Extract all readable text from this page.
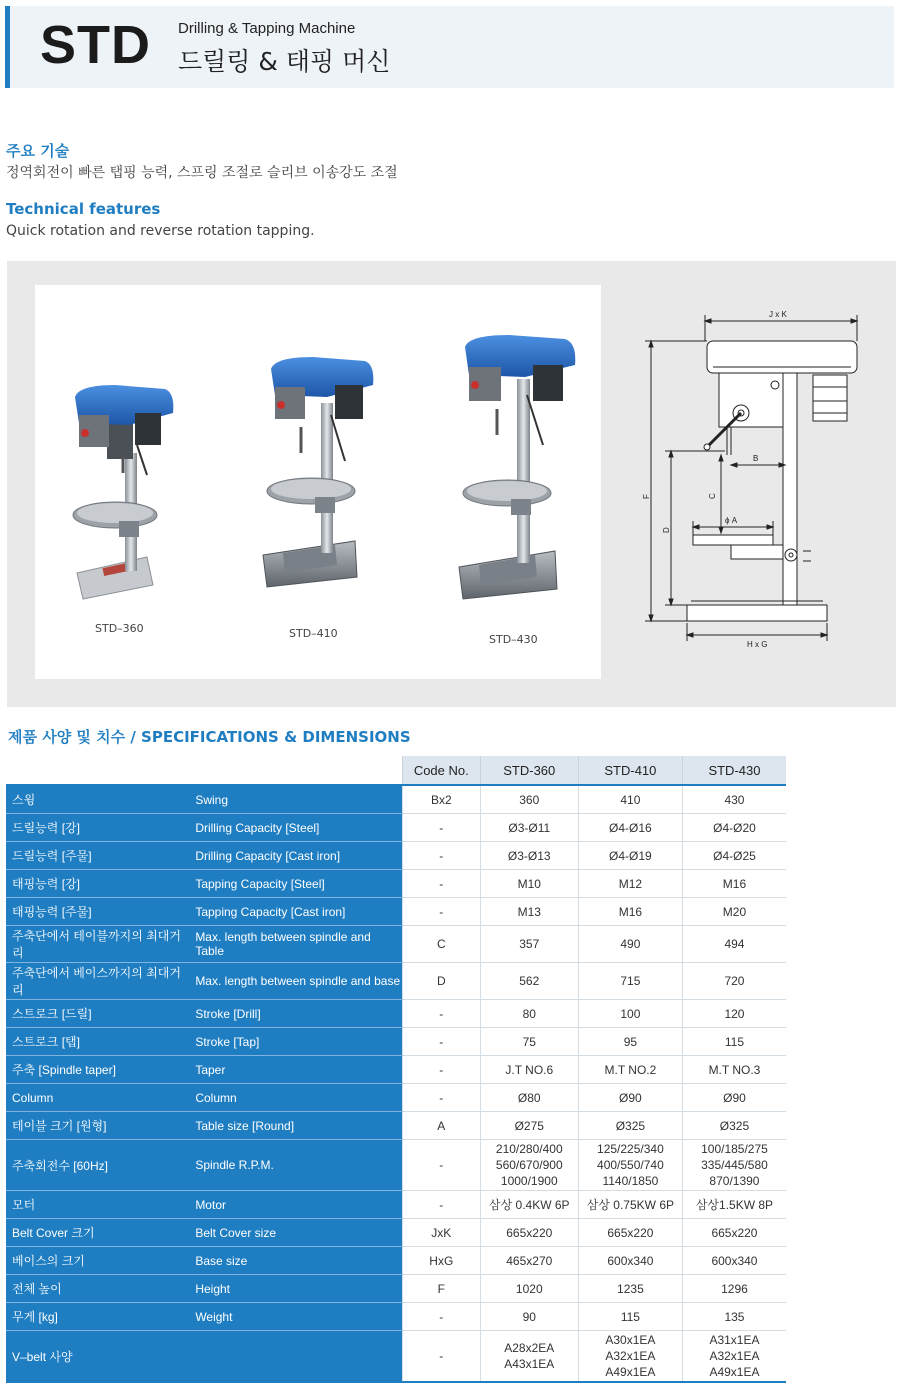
STD Drilling & Tapping Machine
드릴링 & 태핑 머신
주요 기술
정역회전이 빠른 탭핑 능력, 스프링 조절로 슬리브 이송강도 조절
Technical features
Quick rotation and reverse rotation tapping.
STD–360	STD–410	STD–430
J x K
B
C
ϕ A
H x G
F
D
제품 사양 및 치수 / SPECIFICATIONS & DIMENSIONS
		Code No.	STD-360	STD-410	STD-430
스윙	Swing	Bx2	360	410	430
드릴능력 [강]	Drilling Capacity [Steel]	-	Ø3-Ø11	Ø4-Ø16	Ø4-Ø20
드릴능력 [주물]	Drilling Capacity [Cast iron]	-	Ø3-Ø13	Ø4-Ø19	Ø4-Ø25
태핑능력 [강]	Tapping Capacity [Steel]	-	M10	M12	M16
태핑능력 [주물]	Tapping Capacity [Cast iron]	-	M13	M16	M20
주축단에서 테이블까지의 최대거리	Max. length between spindle and Table	C	357	490	494
주축단에서 베이스까지의 최대거리	Max. length between spindle and base	D	562	715	720
스트로크 [드릴]	Stroke [Drill]	-	80	100	120
스트로크 [탭]	Stroke [Tap]	-	75	95	115
주축 [Spindle taper]	Taper	-	J.T NO.6	M.T NO.2	M.T NO.3
Column	Column	-	Ø80	Ø90	Ø90
테이블 크기 [원형]	Table size [Round]	A	Ø275	Ø325	Ø325
주축회전수 [60Hz]	Spindle R.P.M.	-	210/280/400
560/670/900
1000/1900	125/225/340
400/550/740
1140/1850	100/185/275
335/445/580
870/1390
모터	Motor	-	삼상 0.4KW 6P	삼상 0.75KW 6P	삼상1.5KW 8P
Belt Cover 크기	Belt Cover size	JxK	665x220	665x220	665x220
베이스의 크기	Base size	HxG	465x270	600x340	600x340
전체 높이	Height	F	1020	1235	1296
무게 [kg]	Weight	-	90	115	135
V–belt 사양		-	A28x2EA
A43x1EA	A30x1EA
A32x1EA
A49x1EA	A31x1EA
A32x1EA
A49x1EA
